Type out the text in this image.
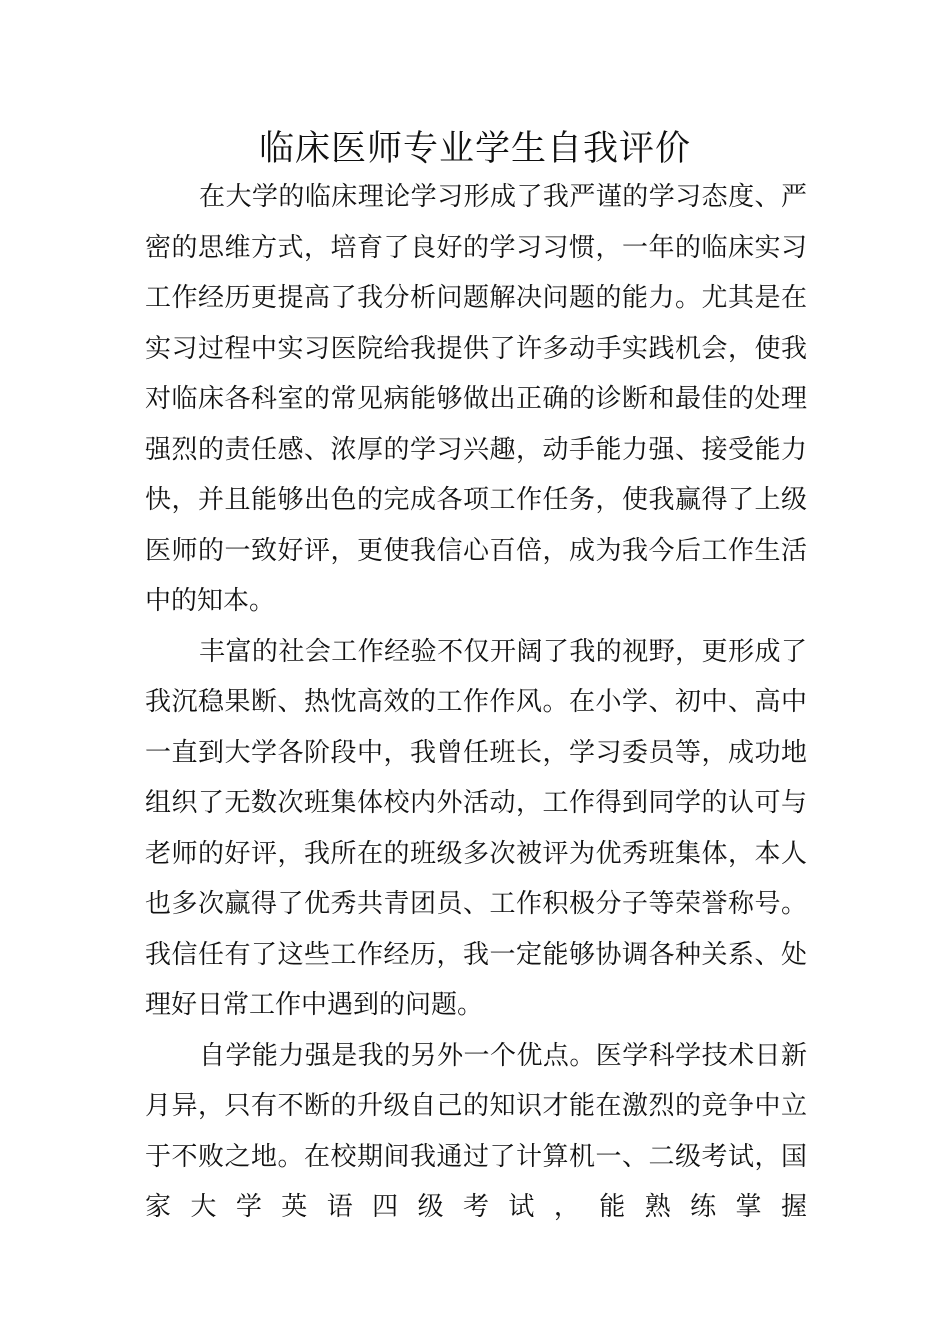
临床医师专业学生自我评价
在大学的临床理论学习形成了我严谨的学习态度、严
密的思维方式，培育了良好的学习习惯，一年的临床实习
工作经历更提高了我分析问题解决问题的能力。尤其是在
实习过程中实习医院给我提供了许多动手实践机会，使我
对临床各科室的常见病能够做出正确的诊断和最佳的处理
强烈的责任感、浓厚的学习兴趣，动手能力强、接受能力
快，并且能够出色的完成各项工作任务，使我赢得了上级
医师的一致好评，更使我信心百倍，成为我今后工作生活
中的知本。
丰富的社会工作经验不仅开阔了我的视野，更形成了
我沉稳果断、热忱高效的工作作风。在小学、初中、高中
一直到大学各阶段中，我曾任班长，学习委员等，成功地
组织了无数次班集体校内外活动，工作得到同学的认可与
老师的好评，我所在的班级多次被评为优秀班集体，本人
也多次赢得了优秀共青团员、工作积极分子等荣誉称号。
我信任有了这些工作经历，我一定能够协调各种关系、处
理好日常工作中遇到的问题。
自学能力强是我的另外一个优点。医学科学技术日新
月异，只有不断的升级自己的知识才能在激烈的竞争中立
于不败之地。在校期间我通过了计算机一、二级考试，国
家 大 学 英 语 四 级 考 试 ， 能 熟 练 掌 握
